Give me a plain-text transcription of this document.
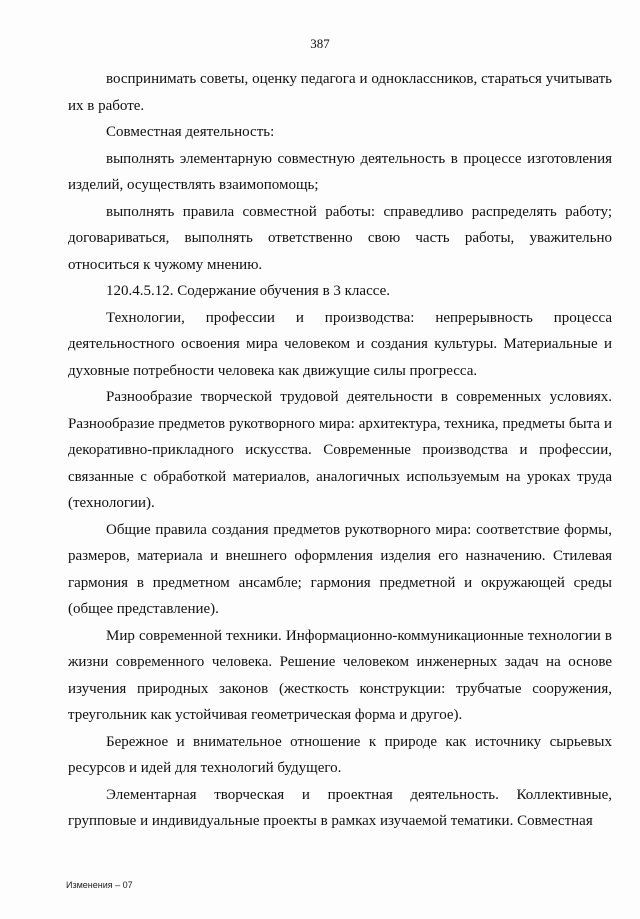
387

воспринимать советы, оценку педагога и одноклассников, стараться учитывать их в работе.

Совместная деятельность:

выполнять элементарную совместную деятельность в процессе изготовления изделий, осуществлять взаимопомощь;

выполнять правила совместной работы: справедливо распределять работу; договариваться, выполнять ответственно свою часть работы, уважительно относиться к чужому мнению.

120.4.5.12. Содержание обучения в 3 классе.

Технологии, профессии и производства: непрерывность процесса деятельностного освоения мира человеком и создания культуры. Материальные и духовные потребности человека как движущие силы прогресса.

Разнообразие творческой трудовой деятельности в современных условиях. Разнообразие предметов рукотворного мира: архитектура, техника, предметы быта и декоративно-прикладного искусства. Современные производства и профессии, связанные с обработкой материалов, аналогичных используемым на уроках труда (технологии).

Общие правила создания предметов рукотворного мира: соответствие формы, размеров, материала и внешнего оформления изделия его назначению. Стилевая гармония в предметном ансамбле; гармония предметной и окружающей среды (общее представление).

Мир современной техники. Информационно-коммуникационные технологии в жизни современного человека. Решение человеком инженерных задач на основе изучения природных законов (жесткость конструкции: трубчатые сооружения, треугольник как устойчивая геометрическая форма и другое).

Бережное и внимательное отношение к природе как источнику сырьевых ресурсов и идей для технологий будущего.

Элементарная творческая и проектная деятельность. Коллективные, групповые и индивидуальные проекты в рамках изучаемой тематики. Совместная

Изменения – 07
